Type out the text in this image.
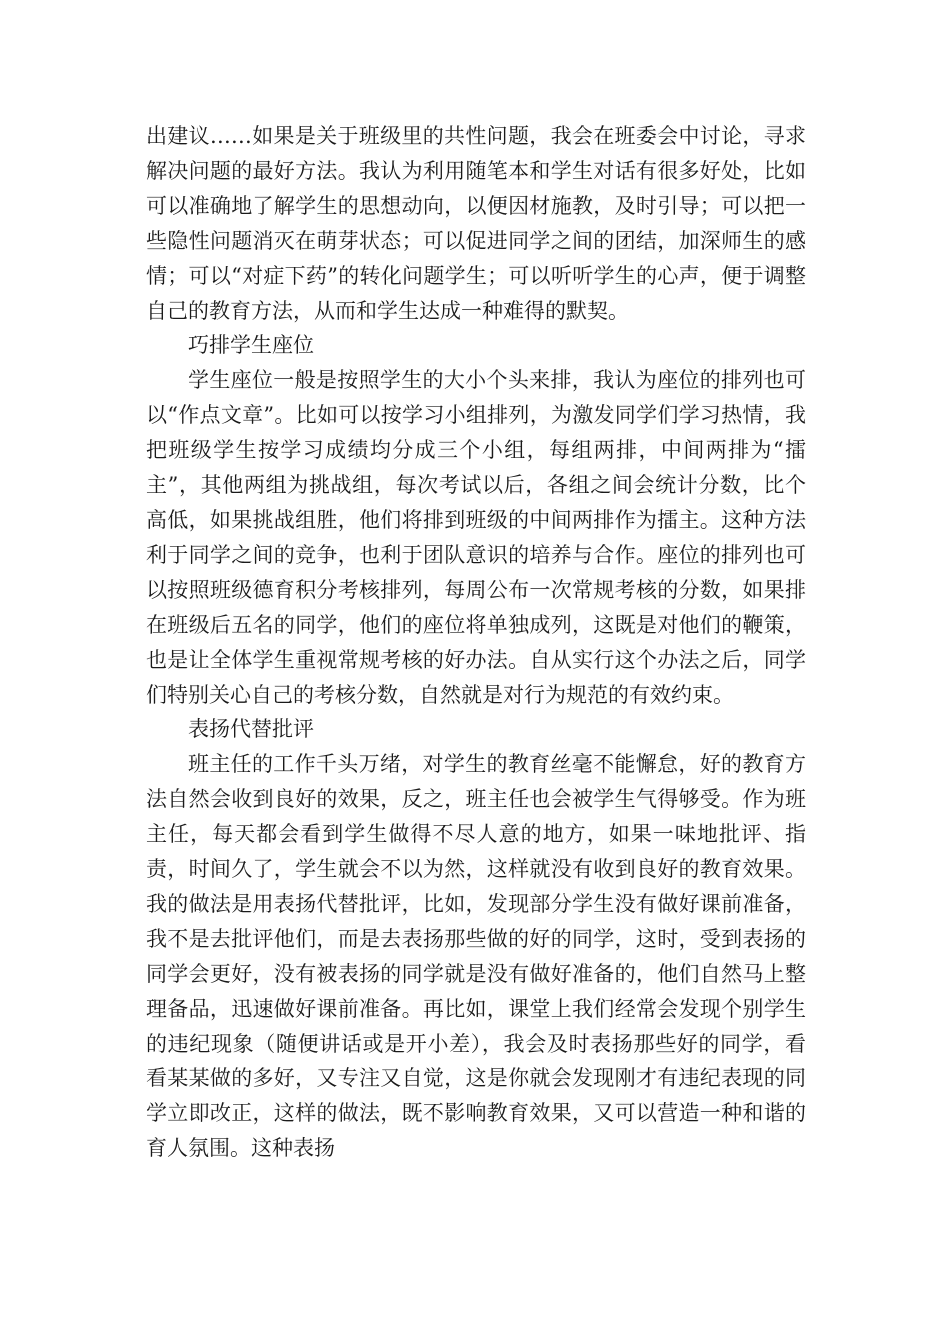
出建议……如果是关于班级里的共性问题，我会在班委会中讨论，寻求解决问题的最好方法。我认为利用随笔本和学生对话有很多好处，比如可以准确地了解学生的思想动向，以便因材施教，及时引导；可以把一些隐性问题消灭在萌芽状态；可以促进同学之间的团结，加深师生的感情；可以“对症下药”的转化问题学生；可以听听学生的心声，便于调整自己的教育方法，从而和学生达成一种难得的默契。

巧排学生座位

学生座位一般是按照学生的大小个头来排，我认为座位的排列也可以“作点文章”。比如可以按学习小组排列，为激发同学们学习热情，我把班级学生按学习成绩均分成三个小组，每组两排，中间两排为“擂主”，其他两组为挑战组，每次考试以后，各组之间会统计分数，比个高低，如果挑战组胜，他们将排到班级的中间两排作为擂主。这种方法利于同学之间的竞争，也利于团队意识的培养与合作。座位的排列也可以按照班级德育积分考核排列，每周公布一次常规考核的分数，如果排在班级后五名的同学，他们的座位将单独成列，这既是对他们的鞭策，也是让全体学生重视常规考核的好办法。自从实行这个办法之后，同学们特别关心自己的考核分数，自然就是对行为规范的有效约束。

表扬代替批评

班主任的工作千头万绪，对学生的教育丝毫不能懈怠，好的教育方法自然会收到良好的效果，反之，班主任也会被学生气得够受。作为班主任，每天都会看到学生做得不尽人意的地方，如果一味地批评、指责，时间久了，学生就会不以为然，这样就没有收到良好的教育效果。我的做法是用表扬代替批评，比如，发现部分学生没有做好课前准备，我不是去批评他们，而是去表扬那些做的好的同学，这时，受到表扬的同学会更好，没有被表扬的同学就是没有做好准备的，他们自然马上整理备品，迅速做好课前准备。再比如，课堂上我们经常会发现个别学生的违纪现象（随便讲话或是开小差），我会及时表扬那些好的同学，看看某某做的多好，又专注又自觉，这是你就会发现刚才有违纪表现的同学立即改正，这样的做法，既不影响教育效果，又可以营造一种和谐的育人氛围。这种表扬
